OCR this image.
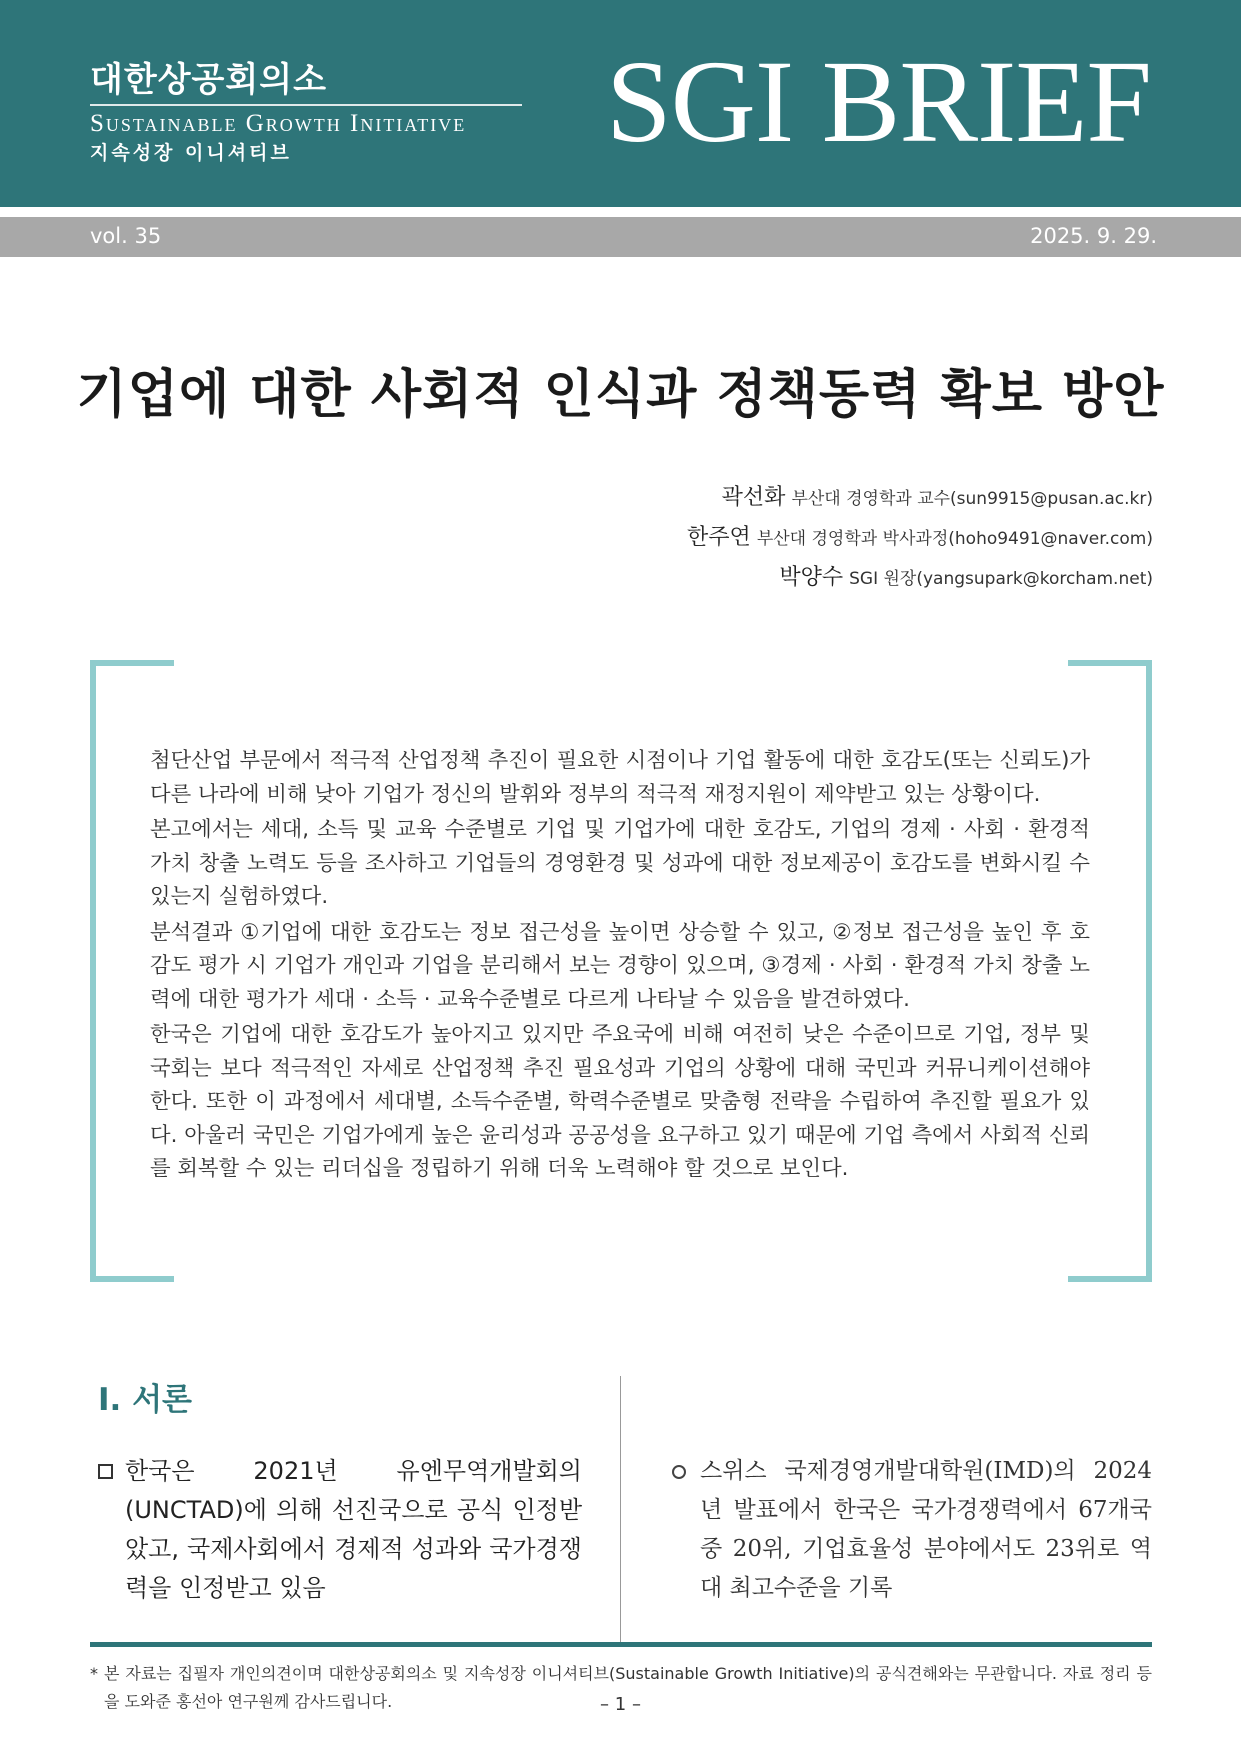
대한상공회의소
Sustainable Growth Initiative
지속성장 이니셔티브	SGI BRIEF
vol. 35	2025. 9. 29.
기업에 대한 사회적 인식과 정책동력 확보 방안
곽선화 부산대 경영학과 교수(sun9915@pusan.ac.kr)
한주연 부산대 경영학과 박사과정(hoho9491@naver.com)
박양수 SGI 원장(yangsupark@korcham.net)

첨단산업 부문에서 적극적 산업정책 추진이 필요한 시점이나 기업 활동에 대한 호감도(또는 신뢰도)가 다른 나라에 비해 낮아 기업가 정신의 발휘와 정부의 적극적 재정지원이 제약받고 있는 상황이다.

본고에서는 세대, 소득 및 교육 수준별로 기업 및 기업가에 대한 호감도, 기업의 경제 · 사회 · 환경적 가치 창출 노력도 등을 조사하고 기업들의 경영환경 및 성과에 대한 정보제공이 호감도를 변화시킬 수 있는지 실험하였다.

분석결과 ①기업에 대한 호감도는 정보 접근성을 높이면 상승할 수 있고, ②정보 접근성을 높인 후 호감도 평가 시 기업가 개인과 기업을 분리해서 보는 경향이 있으며, ③경제 · 사회 · 환경적 가치 창출 노력에 대한 평가가 세대 · 소득 · 교육수준별로 다르게 나타날 수 있음을 발견하였다.

한국은 기업에 대한 호감도가 높아지고 있지만 주요국에 비해 여전히 낮은 수준이므로 기업, 정부 및 국회는 보다 적극적인 자세로 산업정책 추진 필요성과 기업의 상황에 대해 국민과 커뮤니케이션해야 한다. 또한 이 과정에서 세대별, 소득수준별, 학력수준별로 맞춤형 전략을 수립하여 추진할 필요가 있다. 아울러 국민은 기업가에게 높은 윤리성과 공공성을 요구하고 있기 때문에 기업 측에서 사회적 신뢰를 회복할 수 있는 리더십을 정립하기 위해 더욱 노력해야 할 것으로 보인다.

Ⅰ. 서론
한국은 2021년 유엔무역개발회의(UNCTAD)에 의해 선진국으로 공식 인정받았고, 국제사회에서 경제적 성과와 국가경쟁력을 인정받고 있음
스위스 국제경영개발대학원(IMD)의 2024년 발표에서 한국은 국가경쟁력에서 67개국 중 20위, 기업효율성 분야에서도 23위로 역대 최고수준을 기록
* 본 자료는 집필자 개인의견이며 대한상공회의소 및 지속성장 이니셔티브(Sustainable Growth Initiative)의 공식견해와는 무관합니다. 자료 정리 등을 도와준 홍선아 연구원께 감사드립니다.	– 1 –
